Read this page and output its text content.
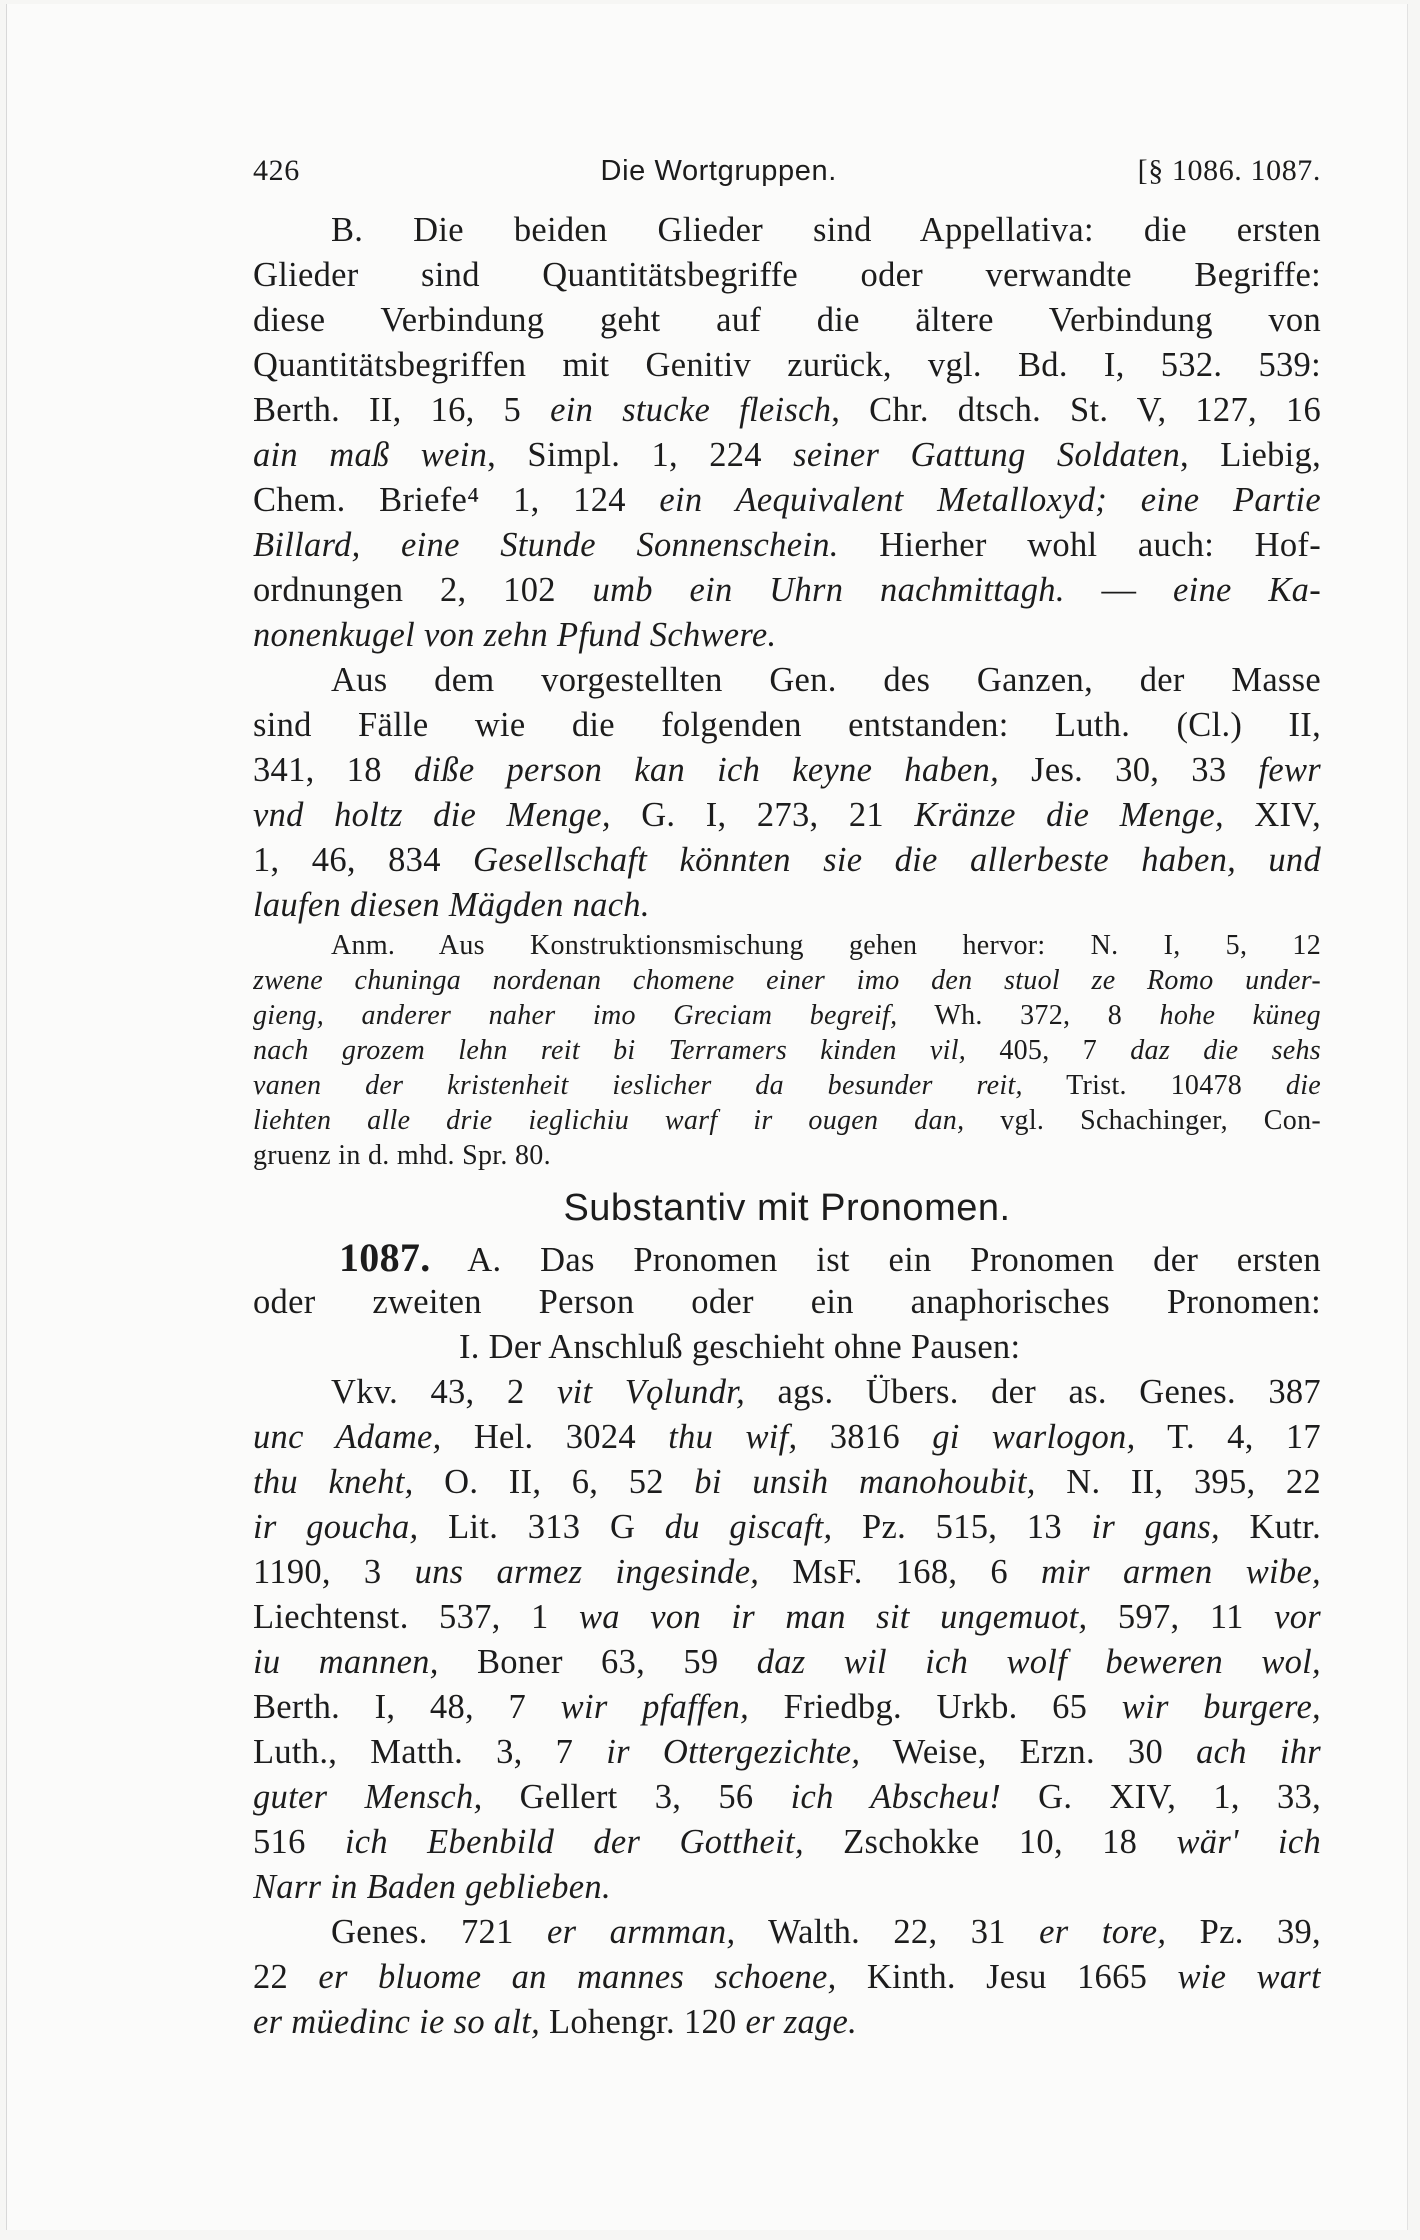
426	Die Wortgruppen.	[§ 1086. 1087.
B. Die beiden Glieder sind Appellativa: die ersten
Glieder sind Quantitätsbegriffe oder verwandte Begriffe:
diese Verbindung geht auf die ältere Verbindung von
Quantitätsbegriffen mit Genitiv zurück, vgl. Bd. I, 532. 539:
Berth. II, 16, 5 ein stucke fleisch, Chr. dtsch. St. V, 127, 16
ain maß wein, Simpl. 1, 224 seiner Gattung Soldaten, Liebig,
Chem. Briefe⁴ 1, 124 ein Aequivalent Metalloxyd; eine Partie
Billard, eine Stunde Sonnenschein. Hierher wohl auch: Hof-
ordnungen 2, 102 umb ein Uhrn nachmittagh. — eine Ka-
nonenkugel von zehn Pfund Schwere.
Aus dem vorgestellten Gen. des Ganzen, der Masse
sind Fälle wie die folgenden entstanden: Luth. (Cl.) II,
341, 18 diße person kan ich keyne haben, Jes. 30, 33 fewr
vnd holtz die Menge, G. I, 273, 21 Kränze die Menge, XIV,
1, 46, 834 Gesellschaft könnten sie die allerbeste haben, und
laufen diesen Mägden nach.
Anm. Aus Konstruktionsmischung gehen hervor: N. I, 5, 12
zwene chuninga nordenan chomene einer imo den stuol ze Romo under-
gieng, anderer naher imo Greciam begreif, Wh. 372, 8 hohe küneg
nach grozem lehn reit bi Terramers kinden vil, 405, 7 daz die sehs
vanen der kristenheit ieslicher da besunder reit, Trist. 10478 die
liehten alle drie ieglichiu warf ir ougen dan, vgl. Schachinger, Con-
gruenz in d. mhd. Spr. 80.
Substantiv mit Pronomen.
1087. A. Das Pronomen ist ein Pronomen der ersten
oder zweiten Person oder ein anaphorisches Pronomen:
I. Der Anschluß geschieht ohne Pausen:
Vkv. 43, 2 vit Vǫlundr, ags. Übers. der as. Genes. 387
unc Adame, Hel. 3024 thu wif, 3816 gi warlogon, T. 4, 17
thu kneht, O. II, 6, 52 bi unsih manohoubit, N. II, 395, 22
ir goucha, Lit. 313 G du giscaft, Pz. 515, 13 ir gans, Kutr.
1190, 3 uns armez ingesinde, MsF. 168, 6 mir armen wibe,
Liechtenst. 537, 1 wa von ir man sit ungemuot, 597, 11 vor
iu mannen, Boner 63, 59 daz wil ich wolf beweren wol,
Berth. I, 48, 7 wir pfaffen, Friedbg. Urkb. 65 wir burgere,
Luth., Matth. 3, 7 ir Ottergezichte, Weise, Erzn. 30 ach ihr
guter Mensch, Gellert 3, 56 ich Abscheu! G. XIV, 1, 33,
516 ich Ebenbild der Gottheit, Zschokke 10, 18 wär' ich
Narr in Baden geblieben.
Genes. 721 er armman, Walth. 22, 31 er tore, Pz. 39,
22 er bluome an mannes schoene, Kinth. Jesu 1665 wie wart
er müedinc ie so alt, Lohengr. 120 er zage.
